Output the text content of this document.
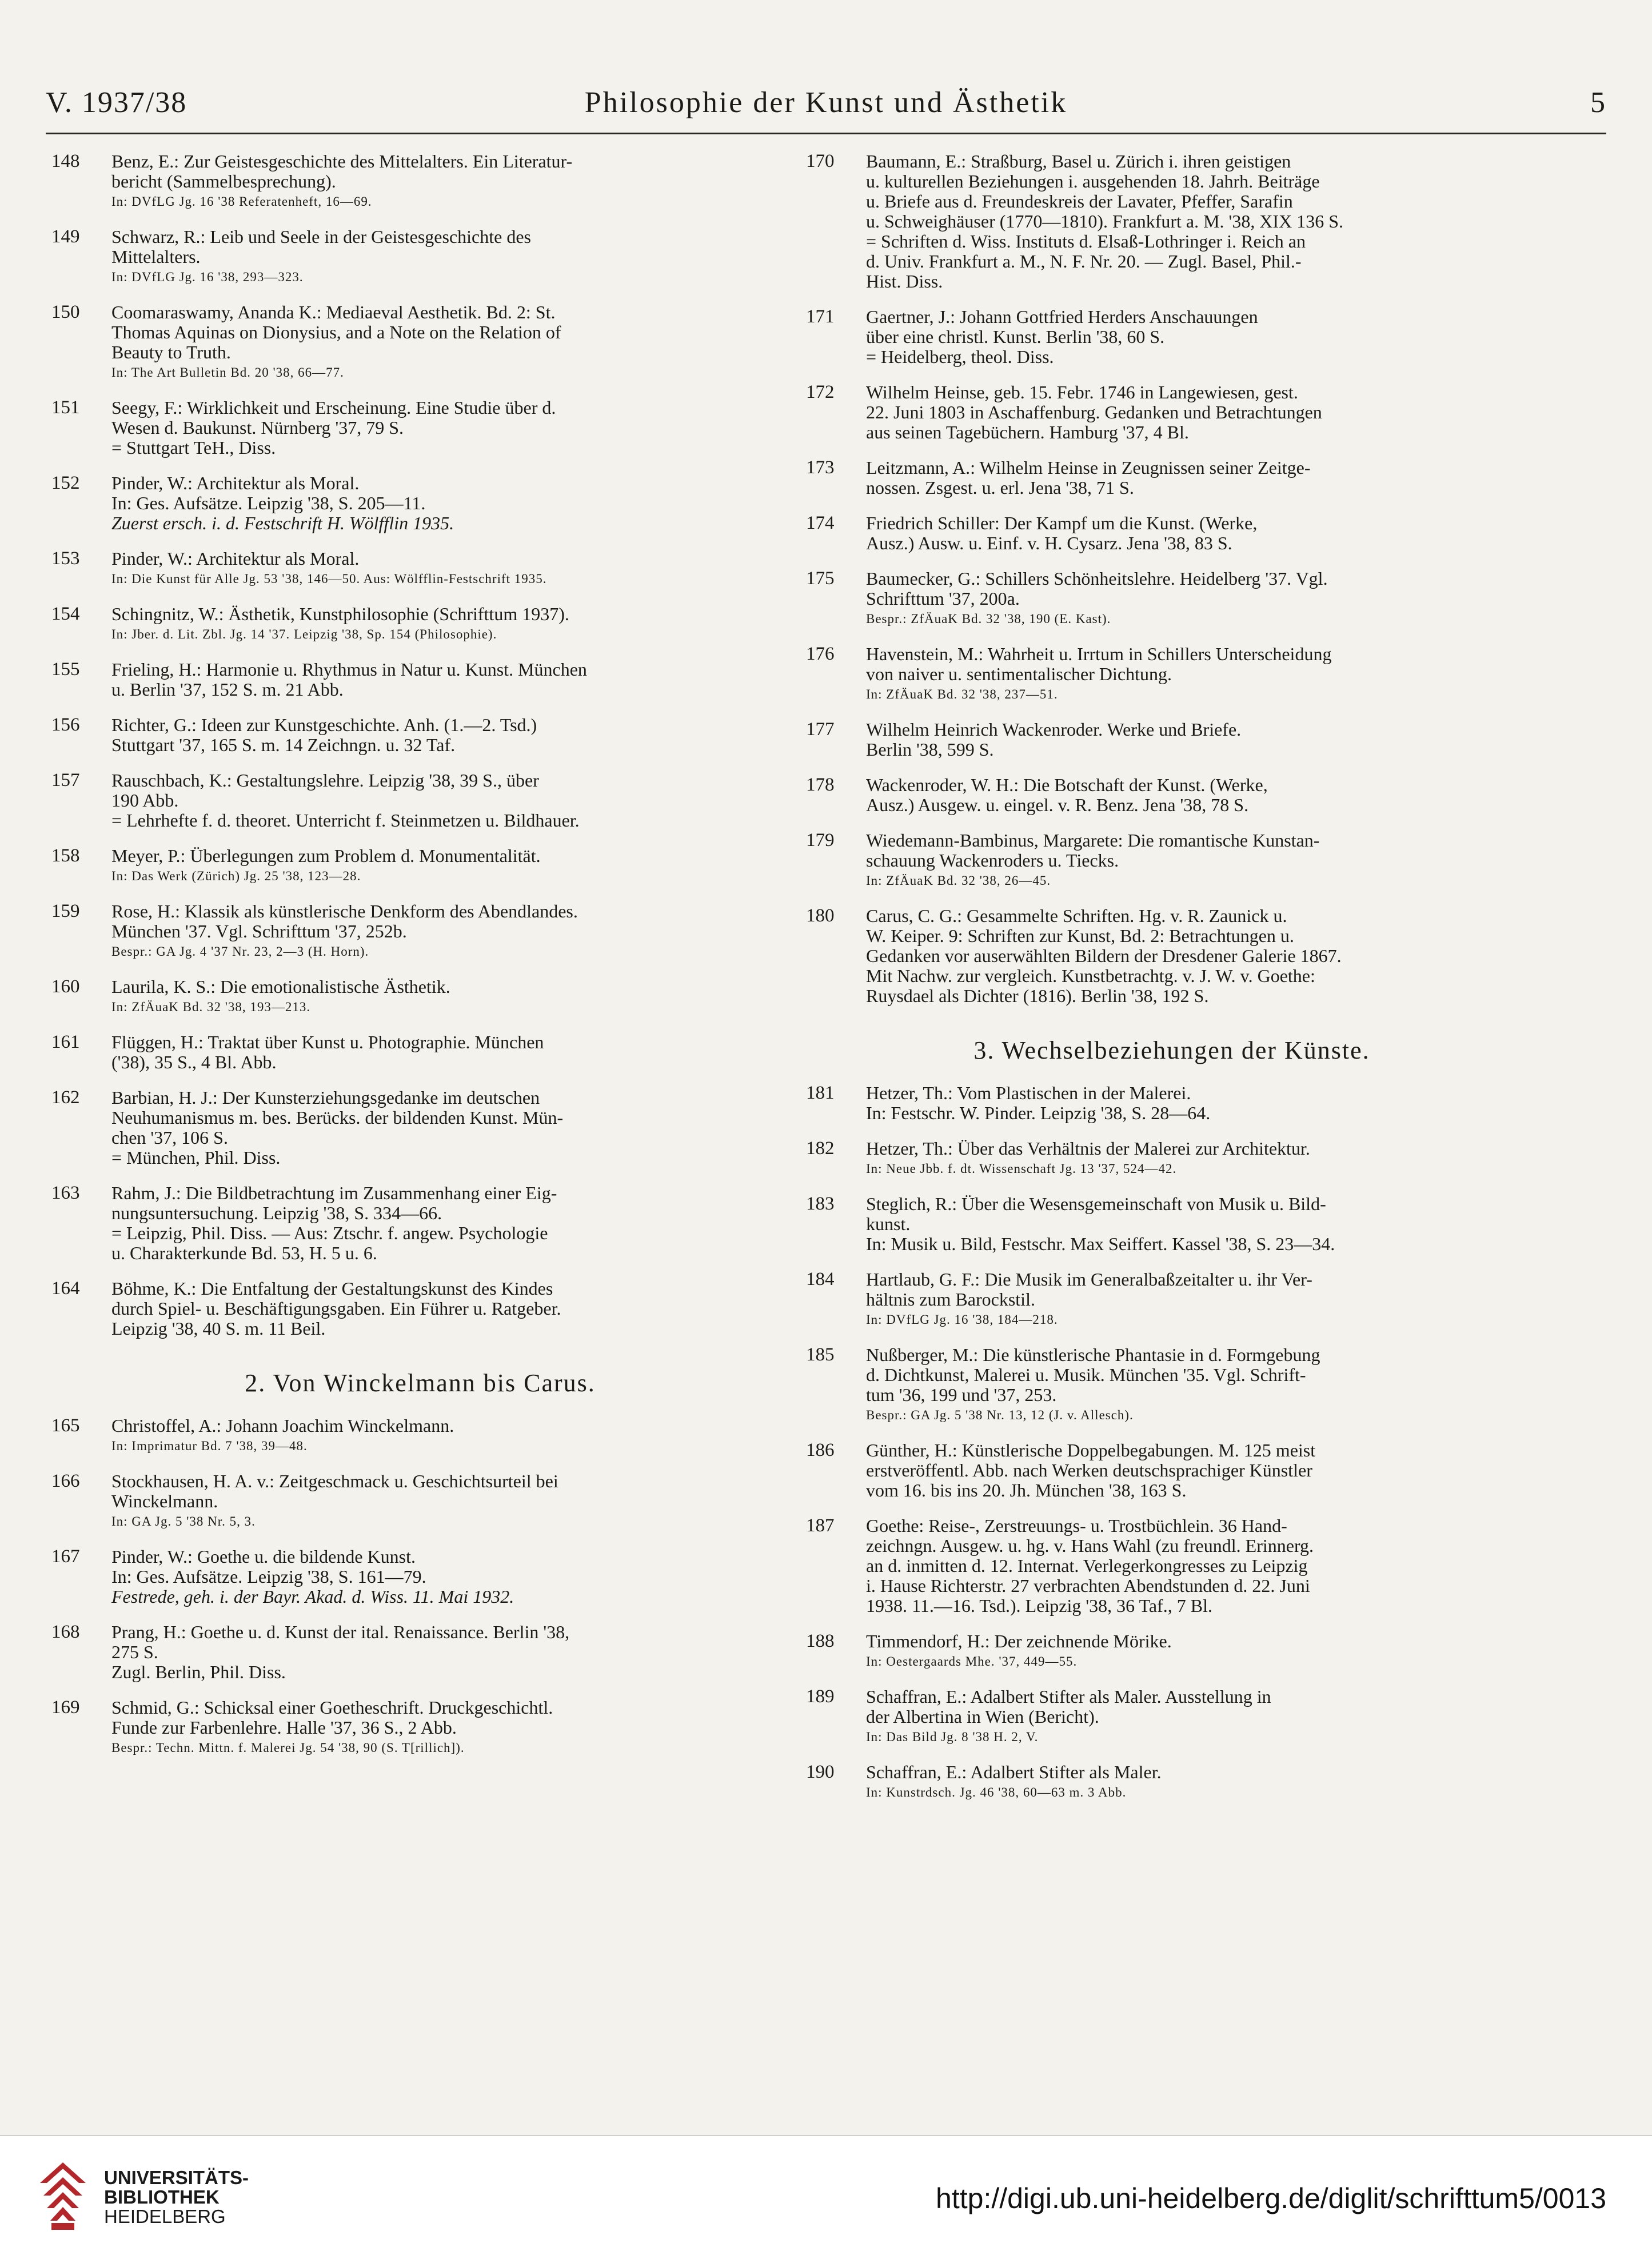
V. 1937/38	Philosophie der Kunst und Ästhetik	5
148 Benz, E.: Zur Geistesgeschichte des Mittelalters. Ein Literatur-
bericht (Sammelbesprechung).
In: DVfLG Jg. 16 '38 Referatenheft, 16—69.
149 Schwarz, R.: Leib und Seele in der Geistesgeschichte des
Mittelalters.
In: DVfLG Jg. 16 '38, 293—323.
150 Coomaraswamy, Ananda K.: Mediaeval Aesthetik. Bd. 2: St.
Thomas Aquinas on Dionysius, and a Note on the Relation of
Beauty to Truth.
In: The Art Bulletin Bd. 20 '38, 66—77.
151 Seegy, F.: Wirklichkeit und Erscheinung. Eine Studie über d.
Wesen d. Baukunst. Nürnberg '37, 79 S.
= Stuttgart TeH., Diss.
152 Pinder, W.: Architektur als Moral.
In: Ges. Aufsätze. Leipzig '38, S. 205—11.
Zuerst ersch. i. d. Festschrift H. Wölfflin 1935.
153 Pinder, W.: Architektur als Moral.
In: Die Kunst für Alle Jg. 53 '38, 146—50. Aus: Wölfflin-Festschrift 1935.
154 Schingnitz, W.: Ästhetik, Kunstphilosophie (Schrifttum 1937).
In: Jber. d. Lit. Zbl. Jg. 14 '37. Leipzig '38, Sp. 154 (Philosophie).
155 Frieling, H.: Harmonie u. Rhythmus in Natur u. Kunst. München
u. Berlin '37, 152 S. m. 21 Abb.
156 Richter, G.: Ideen zur Kunstgeschichte. Anh. (1.—2. Tsd.)
Stuttgart '37, 165 S. m. 14 Zeichngn. u. 32 Taf.
157 Rauschbach, K.: Gestaltungslehre. Leipzig '38, 39 S., über
190 Abb.
= Lehrhefte f. d. theoret. Unterricht f. Steinmetzen u. Bildhauer.
158 Meyer, P.: Überlegungen zum Problem d. Monumentalität.
In: Das Werk (Zürich) Jg. 25 '38, 123—28.
159 Rose, H.: Klassik als künstlerische Denkform des Abendlandes.
München '37. Vgl. Schrifttum '37, 252b.
Bespr.: GA Jg. 4 '37 Nr. 23, 2—3 (H. Horn).
160 Laurila, K. S.: Die emotionalistische Ästhetik.
In: ZfÄuaK Bd. 32 '38, 193—213.
161 Flüggen, H.: Traktat über Kunst u. Photographie. München
('38), 35 S., 4 Bl. Abb.
162 Barbian, H. J.: Der Kunsterziehungsgedanke im deutschen
Neuhumanismus m. bes. Berücks. der bildenden Kunst. Mün-
chen '37, 106 S.
= München, Phil. Diss.
163 Rahm, J.: Die Bildbetrachtung im Zusammenhang einer Eig-
nungsuntersuchung. Leipzig '38, S. 334—66.
= Leipzig, Phil. Diss. — Aus: Ztschr. f. angew. Psychologie
u. Charakterkunde Bd. 53, H. 5 u. 6.
164 Böhme, K.: Die Entfaltung der Gestaltungskunst des Kindes
durch Spiel- u. Beschäftigungsgaben. Ein Führer u. Ratgeber.
Leipzig '38, 40 S. m. 11 Beil.
2. Von Winckelmann bis Carus.
165 Christoffel, A.: Johann Joachim Winckelmann.
In: Imprimatur Bd. 7 '38, 39—48.
166 Stockhausen, H. A. v.: Zeitgeschmack u. Geschichtsurteil bei
Winckelmann.
In: GA Jg. 5 '38 Nr. 5, 3.
167 Pinder, W.: Goethe u. die bildende Kunst.
In: Ges. Aufsätze. Leipzig '38, S. 161—79.
Festrede, geh. i. der Bayr. Akad. d. Wiss. 11. Mai 1932.
168 Prang, H.: Goethe u. d. Kunst der ital. Renaissance. Berlin '38,
275 S.
Zugl. Berlin, Phil. Diss.
169 Schmid, G.: Schicksal einer Goetheschrift. Druckgeschichtl.
Funde zur Farbenlehre. Halle '37, 36 S., 2 Abb.
Bespr.: Techn. Mittn. f. Malerei Jg. 54 '38, 90 (S. T[rillich]).
170 Baumann, E.: Straßburg, Basel u. Zürich i. ihren geistigen
u. kulturellen Beziehungen i. ausgehenden 18. Jahrh. Beiträge
u. Briefe aus d. Freundeskreis der Lavater, Pfeffer, Sarafin
u. Schweighäuser (1770—1810). Frankfurt a. M. '38, XIX 136 S.
= Schriften d. Wiss. Instituts d. Elsaß-Lothringer i. Reich an
d. Univ. Frankfurt a. M., N. F. Nr. 20. — Zugl. Basel, Phil.-
Hist. Diss.
171 Gaertner, J.: Johann Gottfried Herders Anschauungen
über eine christl. Kunst. Berlin '38, 60 S.
= Heidelberg, theol. Diss.
172 Wilhelm Heinse, geb. 15. Febr. 1746 in Langewiesen, gest.
22. Juni 1803 in Aschaffenburg. Gedanken und Betrachtungen
aus seinen Tagebüchern. Hamburg '37, 4 Bl.
173 Leitzmann, A.: Wilhelm Heinse in Zeugnissen seiner Zeitge-
nossen. Zsgest. u. erl. Jena '38, 71 S.
174 Friedrich Schiller: Der Kampf um die Kunst. (Werke,
Ausz.) Ausw. u. Einf. v. H. Cysarz. Jena '38, 83 S.
175 Baumecker, G.: Schillers Schönheitslehre. Heidelberg '37. Vgl.
Schrifttum '37, 200a.
Bespr.: ZfÄuaK Bd. 32 '38, 190 (E. Kast).
176 Havenstein, M.: Wahrheit u. Irrtum in Schillers Unterscheidung
von naiver u. sentimentalischer Dichtung.
In: ZfÄuaK Bd. 32 '38, 237—51.
177 Wilhelm Heinrich Wackenroder. Werke und Briefe.
Berlin '38, 599 S.
178 Wackenroder, W. H.: Die Botschaft der Kunst. (Werke,
Ausz.) Ausgew. u. eingel. v. R. Benz. Jena '38, 78 S.
179 Wiedemann-Bambinus, Margarete: Die romantische Kunstan-
schauung Wackenroders u. Tiecks.
In: ZfÄuaK Bd. 32 '38, 26—45.
180 Carus, C. G.: Gesammelte Schriften. Hg. v. R. Zaunick u.
W. Keiper. 9: Schriften zur Kunst, Bd. 2: Betrachtungen u.
Gedanken vor auserwählten Bildern der Dresdener Galerie 1867.
Mit Nachw. zur vergleich. Kunstbetrachtg. v. J. W. v. Goethe:
Ruysdael als Dichter (1816). Berlin '38, 192 S.
3. Wechselbeziehungen der Künste.
181 Hetzer, Th.: Vom Plastischen in der Malerei.
In: Festschr. W. Pinder. Leipzig '38, S. 28—64.
182 Hetzer, Th.: Über das Verhältnis der Malerei zur Architektur.
In: Neue Jbb. f. dt. Wissenschaft Jg. 13 '37, 524—42.
183 Steglich, R.: Über die Wesensgemeinschaft von Musik u. Bild-
kunst.
In: Musik u. Bild, Festschr. Max Seiffert. Kassel '38, S. 23—34.
184 Hartlaub, G. F.: Die Musik im Generalbaßzeitalter u. ihr Ver-
hältnis zum Barockstil.
In: DVfLG Jg. 16 '38, 184—218.
185 Nußberger, M.: Die künstlerische Phantasie in d. Formgebung
d. Dichtkunst, Malerei u. Musik. München '35. Vgl. Schrift-
tum '36, 199 und '37, 253.
Bespr.: GA Jg. 5 '38 Nr. 13, 12 (J. v. Allesch).
186 Günther, H.: Künstlerische Doppelbegabungen. M. 125 meist
erstveröffentl. Abb. nach Werken deutschsprachiger Künstler
vom 16. bis ins 20. Jh. München '38, 163 S.
187 Goethe: Reise-, Zerstreuungs- u. Trostbüchlein. 36 Hand-
zeichngn. Ausgew. u. hg. v. Hans Wahl (zu freundl. Erinnerg.
an d. inmitten d. 12. Internat. Verlegerkongresses zu Leipzig
i. Hause Richterstr. 27 verbrachten Abendstunden d. 22. Juni
1938. 11.—16. Tsd.). Leipzig '38, 36 Taf., 7 Bl.
188 Timmendorf, H.: Der zeichnende Mörike.
In: Oestergaards Mhe. '37, 449—55.
189 Schaffran, E.: Adalbert Stifter als Maler. Ausstellung in
der Albertina in Wien (Bericht).
In: Das Bild Jg. 8 '38 H. 2, V.
190 Schaffran, E.: Adalbert Stifter als Maler.
In: Kunstrdsch. Jg. 46 '38, 60—63 m. 3 Abb.
UNIVERSITÄTS-
BIBLIOTHEK
HEIDELBERG
http://digi.ub.uni-heidelberg.de/diglit/schrifttum5/0013
